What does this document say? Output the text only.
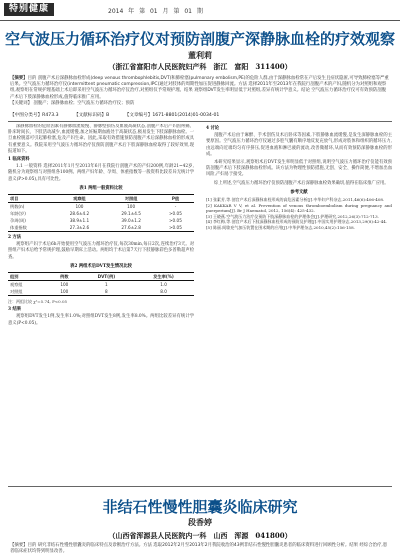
特别健康	2014 年 第 01 月 第 01 期
空气波压力循环治疗仪对预防剖腹产深静脉血栓的疗效观察
董利莉
（浙江省富阳市人民医院妇产科　浙江　富阳　311400）
【摘要】目的 剖腹产术后深静脉血栓形成(deep venous thrombophlebitis,DVT)和肺栓塞(pulmonary embolism,PE)的危险人群,由于深静脉血栓常在产后发生且症状隐匿,可导致肺栓塞等严重后果。空气波压力循环治疗仪(intermittent pneumatic compression,IPC)通过对肢体的周期性加压促进静脉回流。方法 选择2011年至2013年在我院行剖腹产术的产妇,随机分为对照组和观察组,观察组在常规护理基础上术后即采用空气波压力循环治疗仪治疗,对照组仅予常规护理。结果 观察组DVT发生率明显低于对照组,差异有统计学意义。结论 空气波压力循环治疗仪可有效预防剖腹产术后下肢深静脉血栓形成,值得临床推广应用。
【关键词】 剖腹产；深静脉血栓；空气波压力循环治疗仪；预防
【中图分类号】R473.3	【文献标识码】B	【文章编号】1671-8801(2014)01-0034-01

深静脉血栓的危险因素有静脉血流缓慢、静脉壁损伤及血液高凝状态,剖腹产术后产妇因疼痛、卧床时间长、下肢活动减少,血流缓慢,加之妊娠期血液处于高凝状态,极易发生下肢深静脉血栓。一旦血栓脱落可引起肺栓塞,危及产妇生命。因此,采取有效措施预防剖腹产术后深静脉血栓的形成具有重要意义。我院采用空气波压力循环治疗仪预防剖腹产术后下肢深静脉血栓取得了较好效果,现报道如下。

1 临床资料

1.1 一般资料 选择2011年1月至2013年6月在我院行剖腹产术的产妇200例,年龄21~42岁,随机分为观察组与对照组各100例。两组产妇年龄、孕周、体重指数等一般资料比较差异无统计学意义(P>0.05),具有可比性。

表1 两组一般资料比较
项目	观察组	对照组	P值
例数(n)	100	100	-
年龄(岁)	28.6±4.2	29.1±4.5	>0.05
孕周(周)	38.9±1.1	39.0±1.2	>0.05
体重指数	27.3±2.6	27.6±2.8	>0.05
2 方法

观察组产妇于术后6h开始使用空气波压力循环治疗仪,每次30min,每日2次,连续治疗3天。对照组产妇术后给予常规护理,鼓励早期床上活动。两组均于术后第7天行下肢静脉彩色多普勒超声检查。

表2 两组术后DVT发生情况比较
组别	例数	DVT(例)	发生率(%)
观察组	100	1	1.0
对照组	100	8	8.0
注：两组比较 χ²=5.74, P<0.05
3 结果

观察组DVT发生1例,发生率1.0%;对照组DVT发生8例,发生率8.0%。两组比较差异有统计学意义(P<0.05)。

4 讨论

剖腹产术后由于麻醉、手术创伤及术后卧床等因素,下肢静脉血流缓慢,是发生深静脉血栓的主要原因。空气波压力循环治疗仪通过多腔气囊有顺序地反复充放气,形成对肢体和组织的循环压力,由远端向近端均匀有序挤压,促进血液和淋巴液的流动,改善微循环,从而有效预防深静脉血栓的形成。

本研究结果显示,观察组术后DVT发生率明显低于对照组,说明空气波压力循环治疗仪能有效预防剖腹产术后下肢深静脉血栓形成。该方法为物理性预防措施,无创、安全、操作简便,不增加出血风险,产妇易于接受。

综上所述,空气波压力循环治疗仪预防剖腹产术后深静脉血栓效果确切,值得在临床推广应用。

参考文献
[1] 张素芳,等.剖宫产术后深静脉血栓形成的高危因素分析[J].中华妇产科杂志,2011,46(6):406-408.
[2] KAKKAR V V, et al. Prevention of venous thromboembolism during pregnancy and puerperium[J]. Br J Haematol, 2012, 156(4): 425-432.
[3] 王晓燕.空气波压力治疗仪预防下肢深静脉血栓的护理体会[J].护理研究,2012,26(3):712-713.
[4] 李红梅,等.剖宫产术后下肢深静脉血栓形成的预防及护理[J].中国实用护理杂志,2013,29(8):42-44.
[5] 陈丽.间歇充气加压装置在围术期的应用[J].中华护理杂志,2010,45(2):156-158.
非结石性慢性胆囊炎临床研究
段香婷
（山西省浑源县人民医院内一科　山西　浑源　041800）
【摘要】目的 研究非结石性慢性胆囊炎的临床特点及诊断治疗方法。方法 选取2012年2月至2013年2月我院收治的43例非结石性慢性胆囊炎患者的临床资料进行回顾性分析。结果 经综合治疗,患者临床症状均得到明显改善。
